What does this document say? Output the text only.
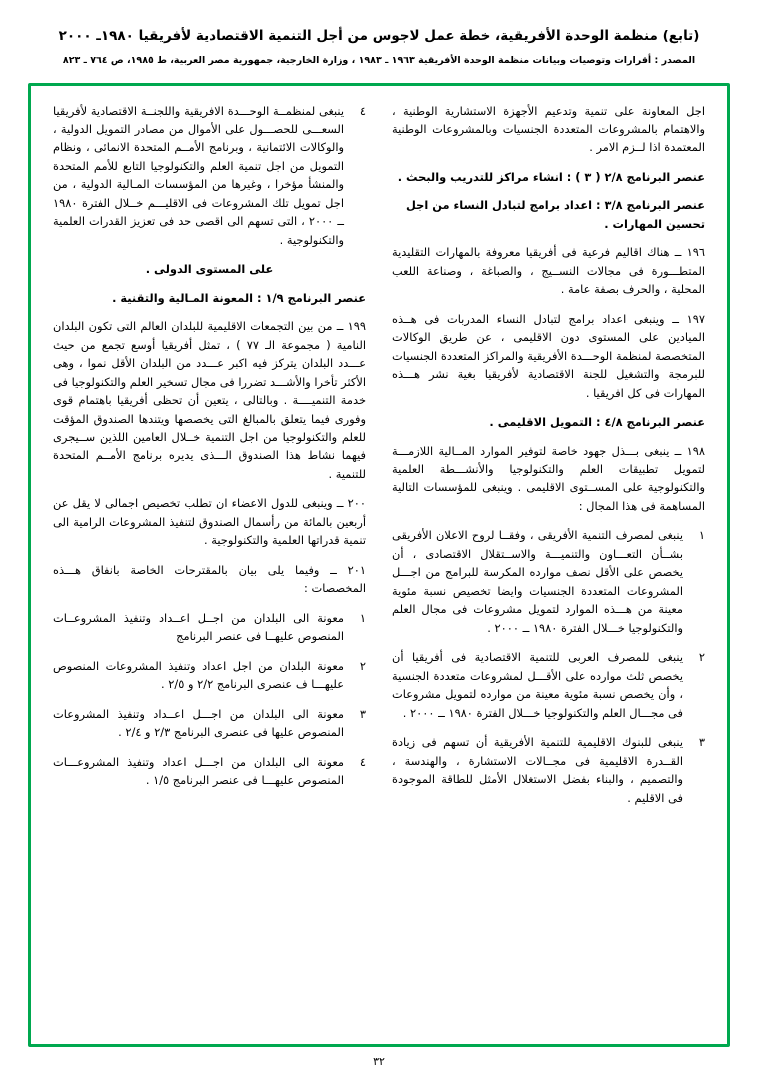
(تابع) منظمة الوحدة الأفريقية، خطة عمل لاجوس من أجل التنمية الاقتصادية لأفريقيا ١٩٨٠ـ ٢٠٠٠
المصدر : أقرارات وتوصيات وبيانات منظمة الوحدة الأفريقية ١٩٦٣ ـ ١٩٨٣ ، وزارة الخارجية، جمهورية مصر العربية، ط ١٩٨٥، ص ٧٦٤ ـ ٨٢٣

اجل المعاونة على تنمية وتدعيم الأجهزة الاستشارية الوطنية ، والاهتمام بالمشروعات المتعددة الجنسيات وبالمشروعات الوطنية المعتمدة اذا لــزم الامر .

عنصر البرنامج ٢/٨ ( ٣ ) : انشاء مراكز للتدريب والبحث .

عنصر البرنامج ٣/٨ : اعداد برامج لتبادل النساء من اجل تحسين المهارات .

١٩٦ ــ هناك اقاليم فرعية فى أفريقيا معروفة بالمهارات التقليدية المتطـــورة فى مجالات النســيج ، والصباغة ، وصناعة اللعب المحلية ، والحرف بصفة عامة .

١٩٧ ــ وينبغى اعداد برامج لتبادل النساء المدربات فى هــذه الميادين على المستوى دون الاقليمى ، عن طريق الوكالات المتخصصة لمنظمة الوحـــدة الأفريقية والمراكز المتعددة الجنسيات للبرمجة والتشغيل للجنة الاقتصادية لأفريقيا بغية نشر هـــذه المهارات فى كل افريقيا .

عنصر البرنامج ٤/٨ : التمويل الاقليمى .

١٩٨ ــ ينبغى بـــذل جهود خاصة لتوفير الموارد المــالية اللازمـــة لتمويل تطبيقات العلم والتكنولوجيا والأنشـــطة العلمية والتكنولوجية على المســتوى الاقليمى . وينبغى للمؤسسات التالية المساهمة فى هذا المجال :

١
ينبغى لمصرف التنمية الأفريقى ، وفقــا لروح الاعلان الأفريقى بشــأن التعـــاون والتنميـــة والاســتقلال الاقتصادى ، أن يخصص على الأقل نصف موارده المكرسة للبرامج من اجـــل المشروعات المتعددة الجنسيات وايضا تخصيص نسبة مئوية معينة من هـــذه الموارد لتمويل مشروعات فى مجال العلم والتكنولوجيا خـــلال الفترة ١٩٨٠ ــ ٢٠٠٠ .
٢
ينبغى للمصرف العربى للتنمية الاقتصادية فى أفريقيا أن يخصص ثلث موارده على الأقـــل لمشروعات متعددة الجنسية ، وأن يخصص نسبة مئوية معينة من موارده لتمويل مشروعات فى مجـــال العلم والتكنولوجيا خـــلال الفترة ١٩٨٠ ــ ٢٠٠٠ .
٣
ينبغى للبنوك الاقليمية للتنمية الأفريقية أن تسهم فى زيادة القــدرة الاقليمية فى مجــالات الاستشارة ، والهندسة ، والتصميم ، والبناء بفضل الاستغلال الأمثل للطاقة الموجودة فى الاقليم .
٤
ينبغى لمنظمــة الوحـــدة الافريقية واللجنــة الاقتصادية لأفريقيا السعـــى للحصـــول على الأموال من مصادر التمويل الدولية ، والوكالات الائتمانية ، وبرنامج الأمــم المتحدة الانمائى ، ونظام التمويل من اجل تنمية العلم والتكنولوجيا التابع للأمم المتحدة والمنشأ مؤخرا ، وغيرها من المؤسسات المـالية الدولية ، من اجل تمويل تلك المشروعات فى الاقليـــم خــلال الفترة ١٩٨٠ ــ ٢٠٠٠ ، التى تسهم الى اقصى حد فى تعزيز القدرات العلمية والتكنولوجية .

على المستوى الدولى .

عنصر البرنامج ١/٩ : المعونة المـالية والتقنية .

١٩٩ ــ من بين التجمعات الاقليمية للبلدان العالم التى تكون البلدان النامية ( مجموعة الـ ٧٧ ) ، تمثل أفريقيا أوسع تجمع من حيث عـــدد البلدان يتركز فيه اكبر عـــدد من البلدان الأقل نموا ، وهى الأكثر تأخرا والأشـــد تضررا فى مجال تسخير العلم والتكنولوجيا فى خدمة التنميــــة . وبالتالى ، يتعين أن تحظى أفريقيا باهتمام قوى وفورى فيما يتعلق بالمبالغ التى يخصصها ويتندها الصندوق المؤقت للعلم والتكنولوجيا من اجل التنمية خــلال العامين اللذين ســيجرى فيهما نشاط هذا الصندوق الـــذى يديره برنامج الأمــم المتحدة للتنمية .

٢٠٠ ــ وينبغى للدول الاعضاء ان تطلب تخصيص اجمالى لا يقل عن أربعين بالمائة من رأسمال الصندوق لتنفيذ المشروعات الرامية الى تنمية قدراتها العلمية والتكنولوجية .

٢٠١ ــ وفيما يلى بيان بالمقترحات الخاصة بانفاق هـــذه المخصصات :

١
معونة الى البلدان من اجــل اعــداد وتنفيذ المشروعــات المنصوص عليهــا فى عنصر البرنامج
٢
معونة البلدان من اجل اعداد وتنفيذ المشروعات المنصوص عليهـــا ف عنصرى البرنامج ٢/٢ و ٢/٥ .
٣
معونة الى البلدان من اجـــل اعــداد وتنفيذ المشروعات المنصوص عليها فى عنصرى البرنامج ٢/٣ و ٢/٤ .
٤
معونة الى البلدان من اجـــل اعداد وتنفيذ المشروعـــات المنصوص عليهـــا فى عنصر البرنامج ١/٥ .
٣٢
